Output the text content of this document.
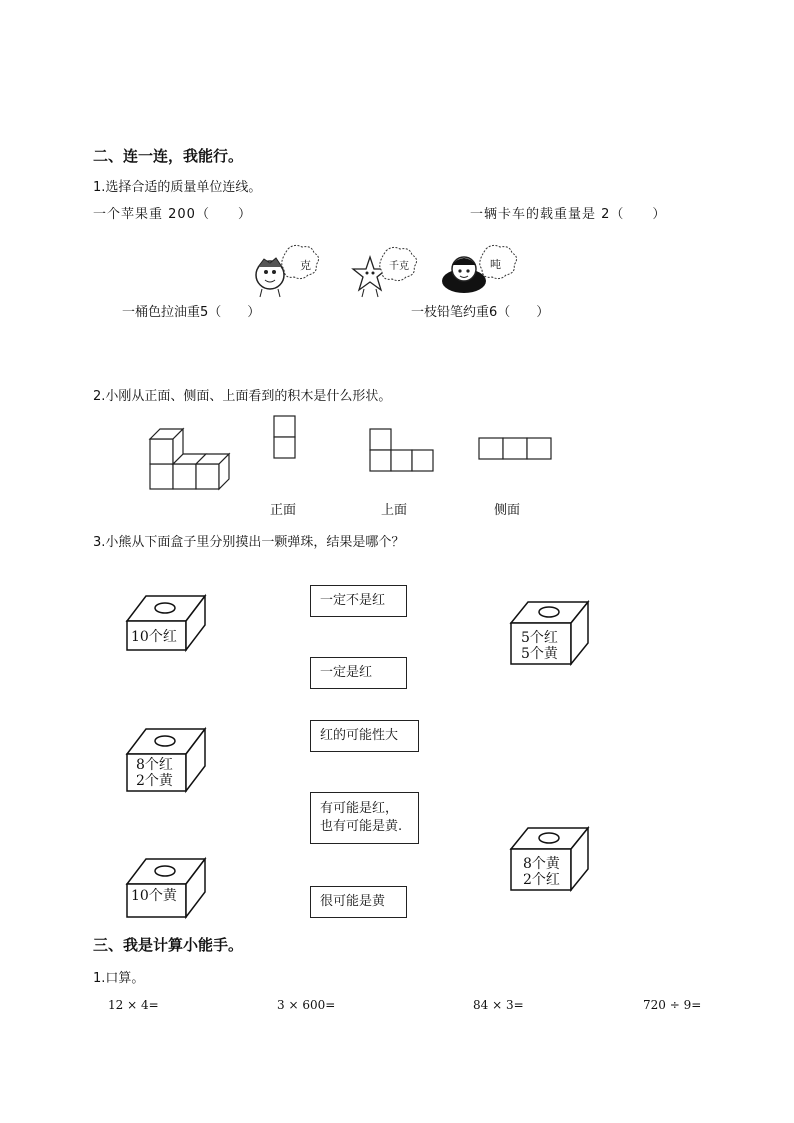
二、连一连，我能行。
1.选择合适的质量单位连线。
一个苹果重 200（　　）	一辆卡车的载重量是 2（　　）
一桶色拉油重5（　　）	一枝铅笔约重6（　　）
克	千克	吨
2.小刚从正面、侧面、上面看到的积木是什么形状。
正面	上面	侧面
3.小熊从下面盒子里分别摸出一颗弹珠，结果是哪个？
10个红
8个红
2个黄
10个黄
5个红
5个黄
8个黄
2个红
一定不是红
一定是红
红的可能性大
有可能是红，
也有可能是黄.
很可能是黄
三、我是计算小能手。
1.口算。
12 × 4=	3 × 600=	84 × 3=	720 ÷ 9=
